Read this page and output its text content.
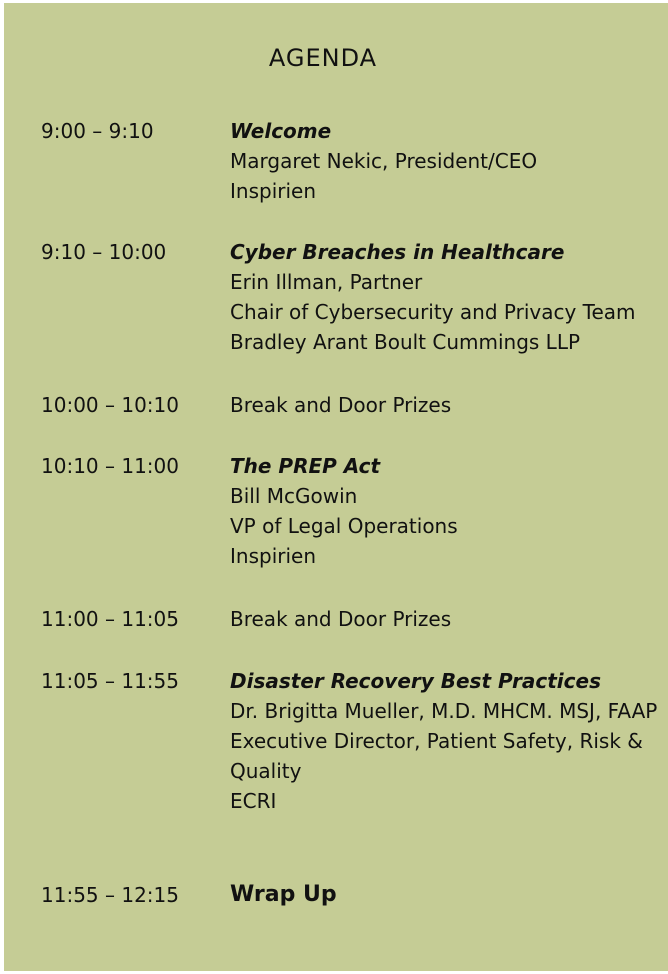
AGENDA
9:00 – 9:10	Welcome
Margaret Nekic, President/CEO
Inspirien
9:10 – 10:00	Cyber Breaches in Healthcare
Erin Illman, Partner
Chair of Cybersecurity and Privacy Team
Bradley Arant Boult Cummings LLP
10:00 – 10:10	Break and Door Prizes
10:10 – 11:00	The PREP Act
Bill McGowin
VP of Legal Operations
Inspirien
11:00 – 11:05	Break and Door Prizes
11:05 – 11:55	Disaster Recovery Best Practices
Dr. Brigitta Mueller, M.D. MHCM. MSJ, FAAP
Executive Director, Patient Safety, Risk & Quality
ECRI
11:55 – 12:15	Wrap Up
